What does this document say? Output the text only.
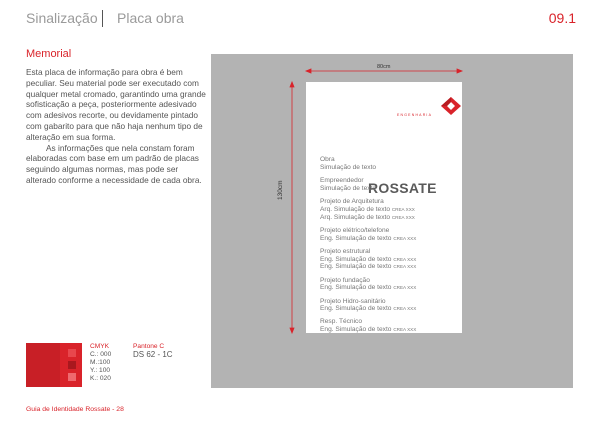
Sinalização Placa obra	09.1
Memorial

Esta placa de informação para obra é bem peculiar. Seu material pode ser executado com qualquer metal cromado, garantindo uma grande sofisticação a peça, posteriormente adesivado com adesivos recorte, ou devidamente pintado com gabarito para que não haja nenhum tipo de alteração em sua forma.

As informações que nela constam foram elaboradas com base em um padrão de placas seguindo algumas normas, mas pode ser alterado conforme a necessidade de cada obra.

80cm
130cm	ROSSATE
ENGENHARIA
Obra
Simulação de texto
Empreendedor
Simulação de texto
Projeto de Arquitetura
Arq. Simulação de texto CREA XXX
Arq. Simulação de texto CREA XXX
Projeto elétrico/telefone
Eng. Simulação de texto CREA XXX
Projeto estrutural
Eng. Simulação de texto CREA XXX
Eng. Simulação de texto CREA XXX
Projeto fundação
Eng. Simulação de texto CREA XXX
Projeto Hidro-sanitário
Eng. Simulação de texto CREA XXX
Resp. Técnico
Eng. Simulação de texto CREA XXX
CMYK
C.: 000
M.:100
Y.: 100
K.: 020
Pantone C
DS 62 - 1C
Guia de Identidade Rossate - 28
